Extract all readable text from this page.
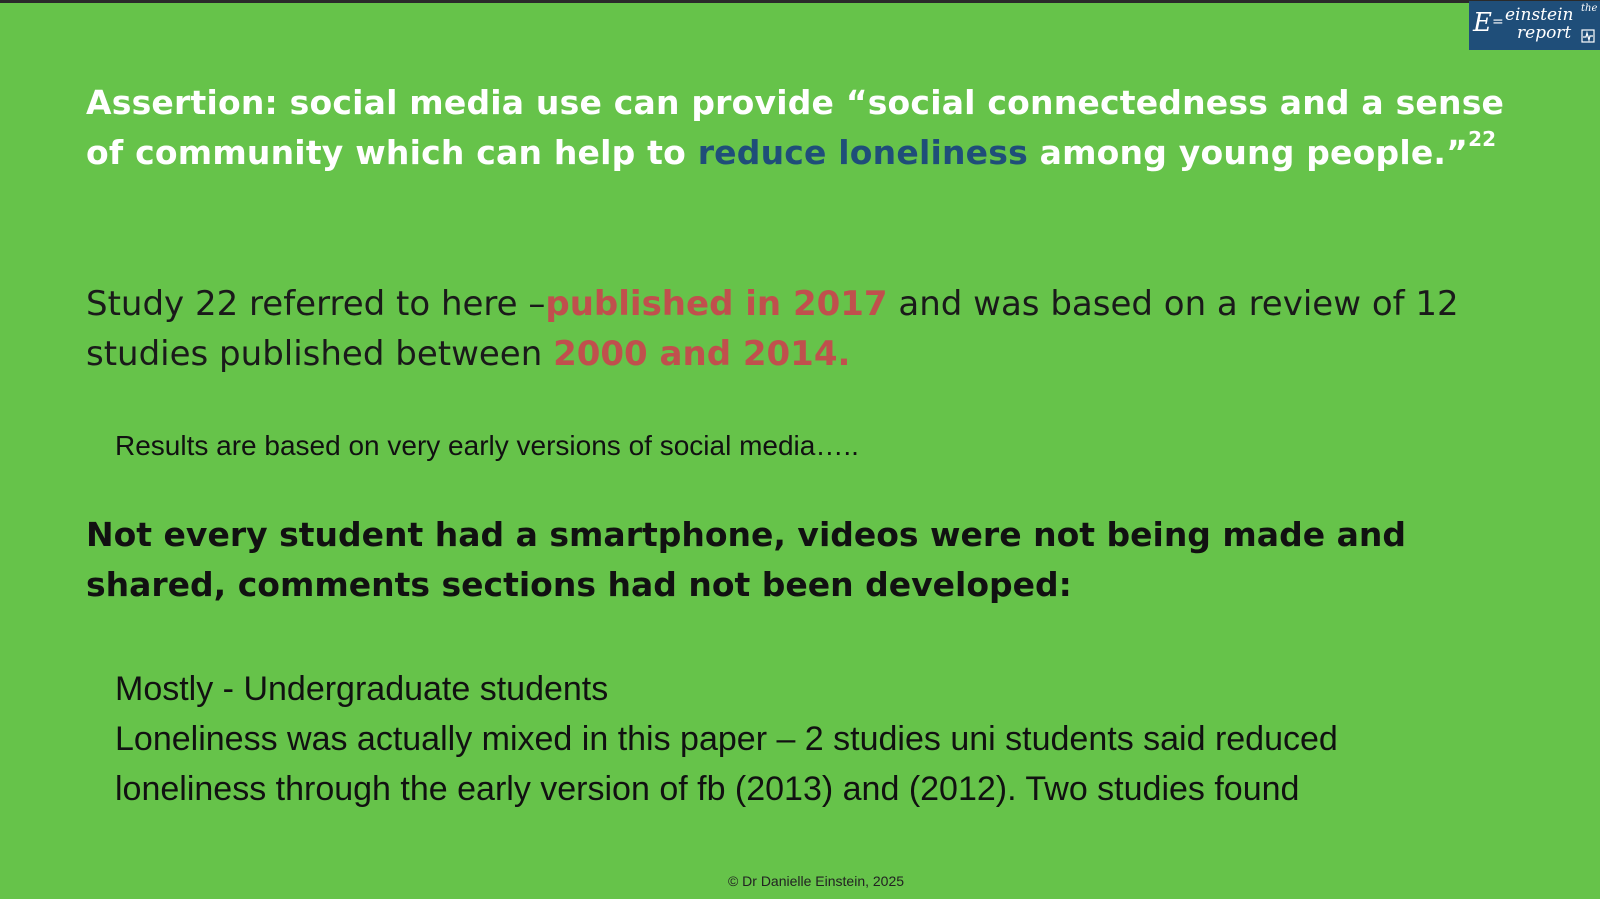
E = einstein the
report
Assertion: social media use can provide “social connectedness and a sense of community which can help to reduce loneliness among young people.”$^{22}$
Study 22 referred to here –published in 2017 and was based on a review of 12 studies published between 2000 and 2014.
Results are based on very early versions of social media…..
Not every student had a smartphone, videos were not being made and shared, comments sections had not been developed:
Mostly - Undergraduate students
Loneliness was actually mixed in this paper – 2 studies uni students said reduced
loneliness through the early version of fb (2013) and (2012). Two studies found
© Dr Danielle Einstein, 2025
